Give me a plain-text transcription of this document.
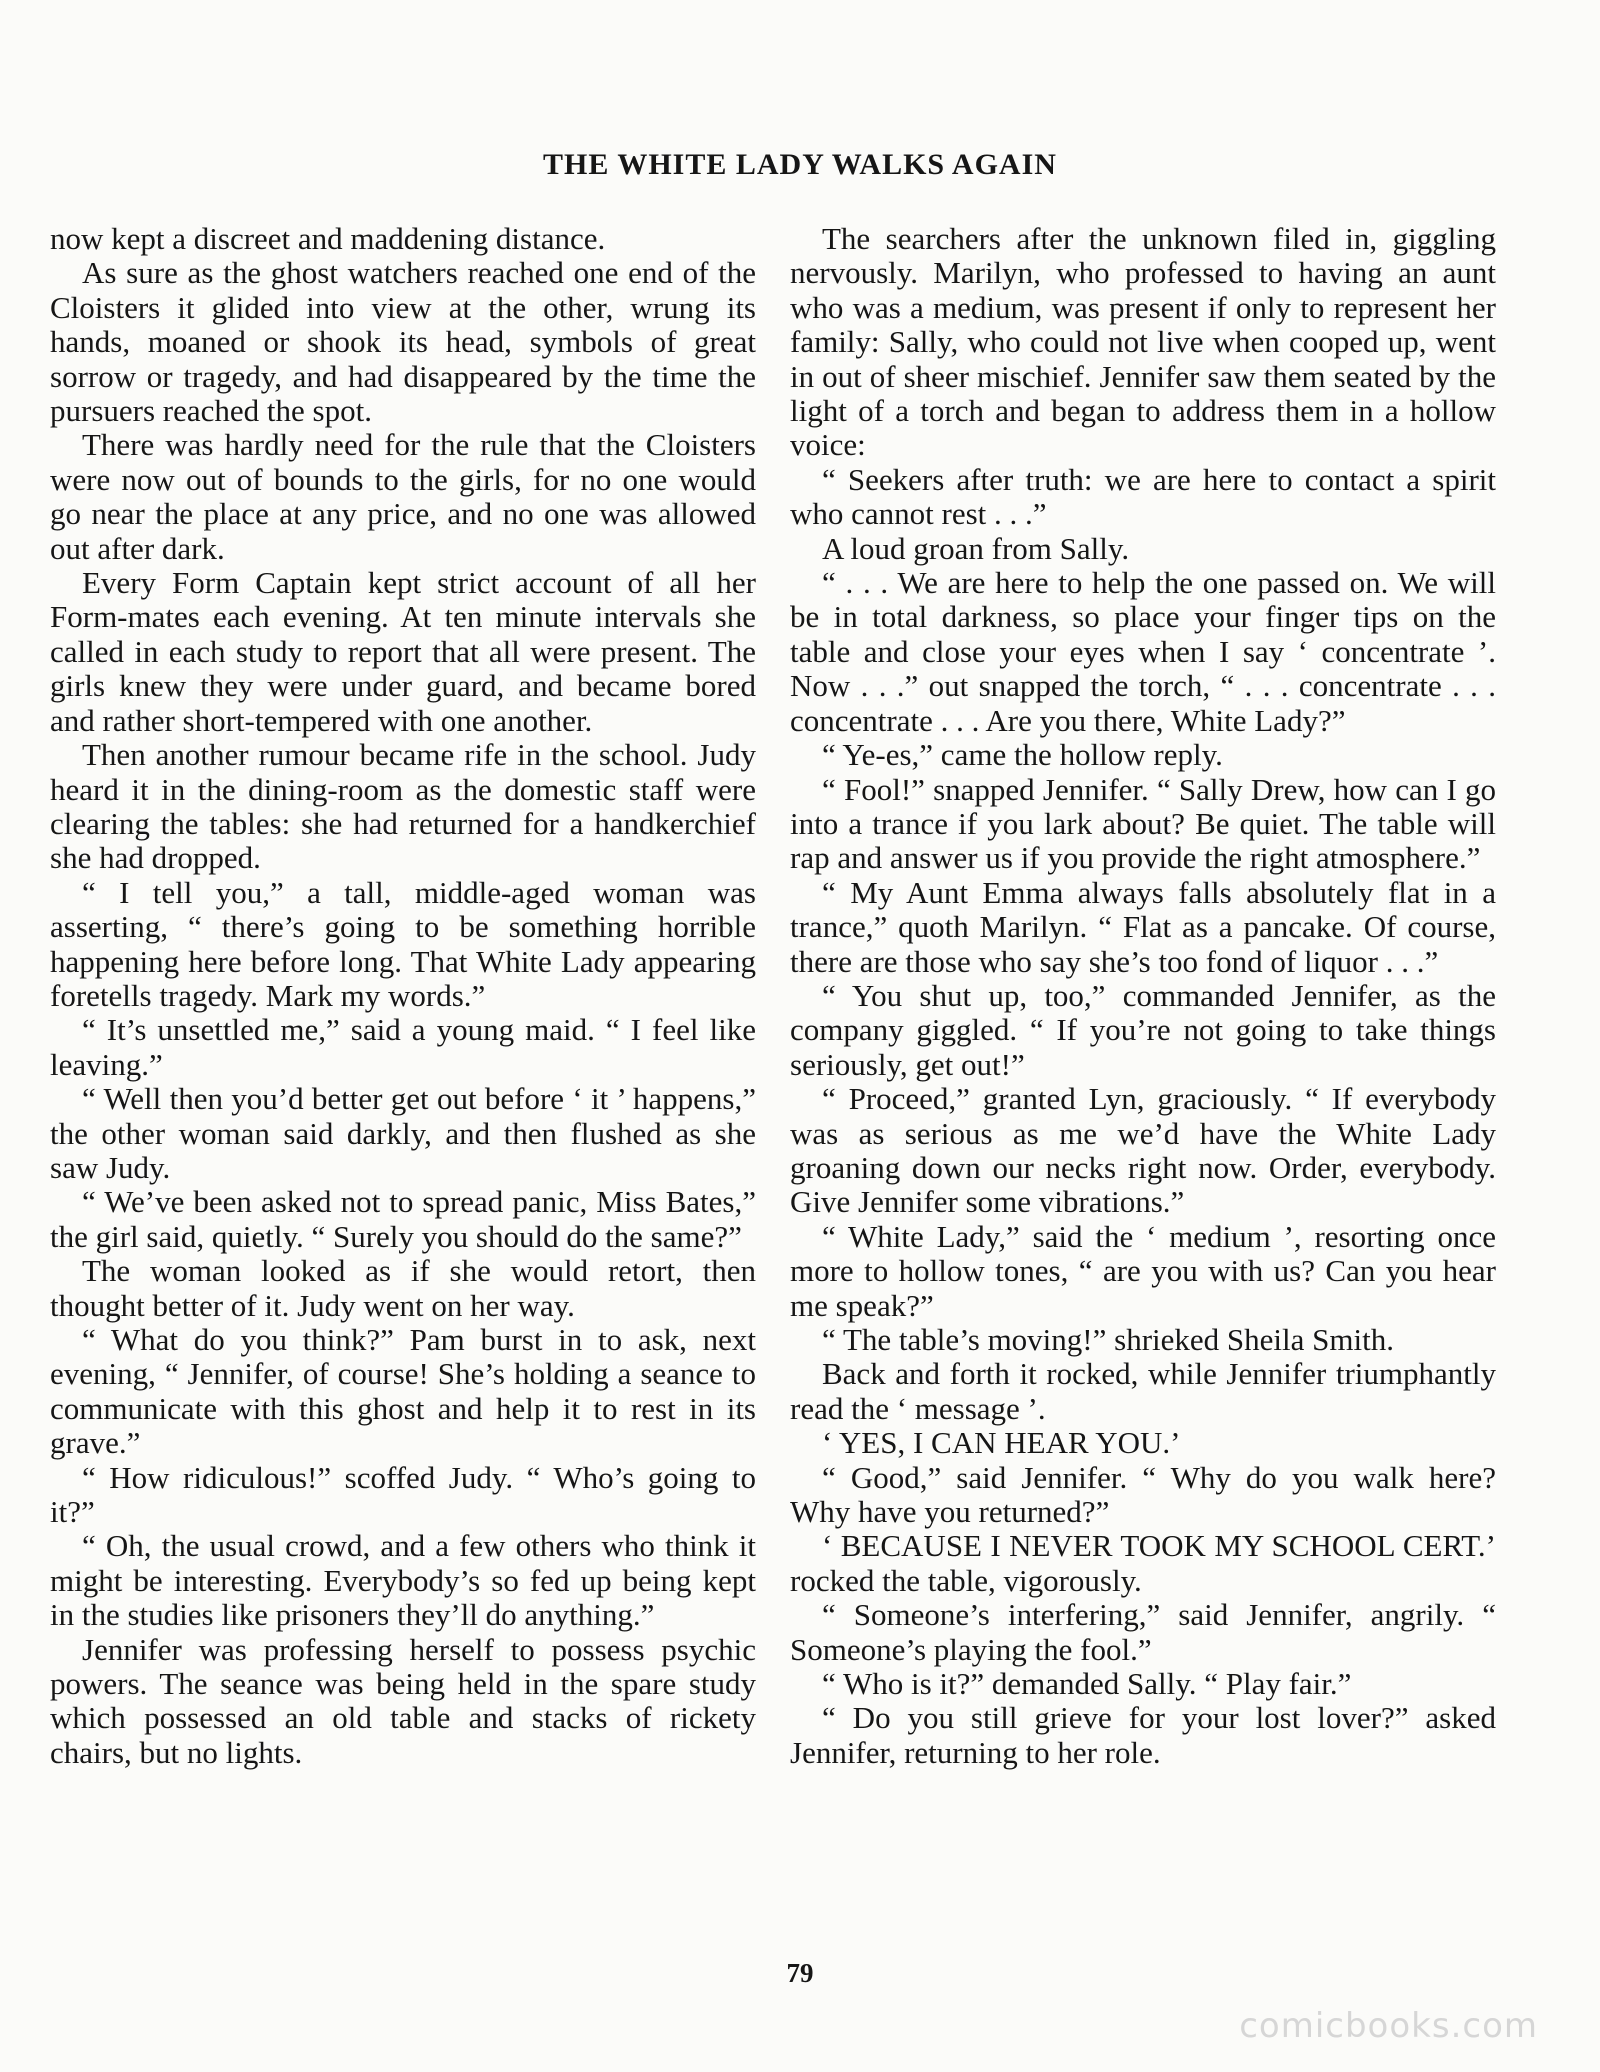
THE WHITE LADY WALKS AGAIN

now kept a discreet and maddening distance.

As sure as the ghost watchers reached one end of the Cloisters it glided into view at the other, wrung its hands, moaned or shook its head, symbols of great sorrow or tragedy, and had disappeared by the time the pursuers reached the spot.

There was hardly need for the rule that the Cloisters were now out of bounds to the girls, for no one would go near the place at any price, and no one was allowed out after dark.

Every Form Captain kept strict account of all her Form-mates each evening. At ten minute intervals she called in each study to report that all were present. The girls knew they were under guard, and became bored and rather short-tempered with one another.

Then another rumour became rife in the school. Judy heard it in the dining-room as the domestic staff were clearing the tables: she had returned for a handkerchief she had dropped.

“ I tell you,” a tall, middle-aged woman was asserting, “ there’s going to be something horrible happening here before long. That White Lady appearing foretells tragedy. Mark my words.”

“ It’s unsettled me,” said a young maid. “ I feel like leaving.”

“ Well then you’d better get out before ‘ it ’ happens,” the other woman said darkly, and then flushed as she saw Judy.

“ We’ve been asked not to spread panic, Miss Bates,” the girl said, quietly. “ Surely you should do the same?”

The woman looked as if she would retort, then thought better of it. Judy went on her way.

“ What do you think?” Pam burst in to ask, next evening, “ Jennifer, of course! She’s holding a seance to communicate with this ghost and help it to rest in its grave.”

“ How ridiculous!” scoffed Judy. “ Who’s going to it?”

“ Oh, the usual crowd, and a few others who think it might be interesting. Everybody’s so fed up being kept in the studies like prisoners they’ll do anything.”

Jennifer was professing herself to possess psychic powers. The seance was being held in the spare study which possessed an old table and stacks of rickety chairs, but no lights.

The searchers after the unknown filed in, giggling nervously. Marilyn, who professed to having an aunt who was a medium, was present if only to represent her family: Sally, who could not live when cooped up, went in out of sheer mischief. Jennifer saw them seated by the light of a torch and began to address them in a hollow voice:

“ Seekers after truth: we are here to contact a spirit who cannot rest . . .”

A loud groan from Sally.

“ . . . We are here to help the one passed on. We will be in total darkness, so place your finger tips on the table and close your eyes when I say ‘ concentrate ’. Now . . .” out snapped the torch, “ . . . concentrate . . . concentrate . . . Are you there, White Lady?”

“ Ye-es,” came the hollow reply.

“ Fool!” snapped Jennifer. “ Sally Drew, how can I go into a trance if you lark about? Be quiet. The table will rap and answer us if you provide the right atmosphere.”

“ My Aunt Emma always falls absolutely flat in a trance,” quoth Marilyn. “ Flat as a pancake. Of course, there are those who say she’s too fond of liquor . . .”

“ You shut up, too,” commanded Jennifer, as the company giggled. “ If you’re not going to take things seriously, get out!”

“ Proceed,” granted Lyn, graciously. “ If everybody was as serious as me we’d have the White Lady groaning down our necks right now. Order, everybody. Give Jennifer some vibrations.”

“ White Lady,” said the ‘ medium ’, resorting once more to hollow tones, “ are you with us? Can you hear me speak?”

“ The table’s moving!” shrieked Sheila Smith.

Back and forth it rocked, while Jennifer triumphantly read the ‘ message ’.

‘ YES, I CAN HEAR YOU.’

“ Good,” said Jennifer. “ Why do you walk here? Why have you returned?”

‘ BECAUSE I NEVER TOOK MY SCHOOL CERT.’ rocked the table, vigorously.

“ Someone’s interfering,” said Jennifer, angrily. “ Someone’s playing the fool.”

“ Who is it?” demanded Sally. “ Play fair.”

“ Do you still grieve for your lost lover?” asked Jennifer, returning to her role.

79
comicbooks.com
